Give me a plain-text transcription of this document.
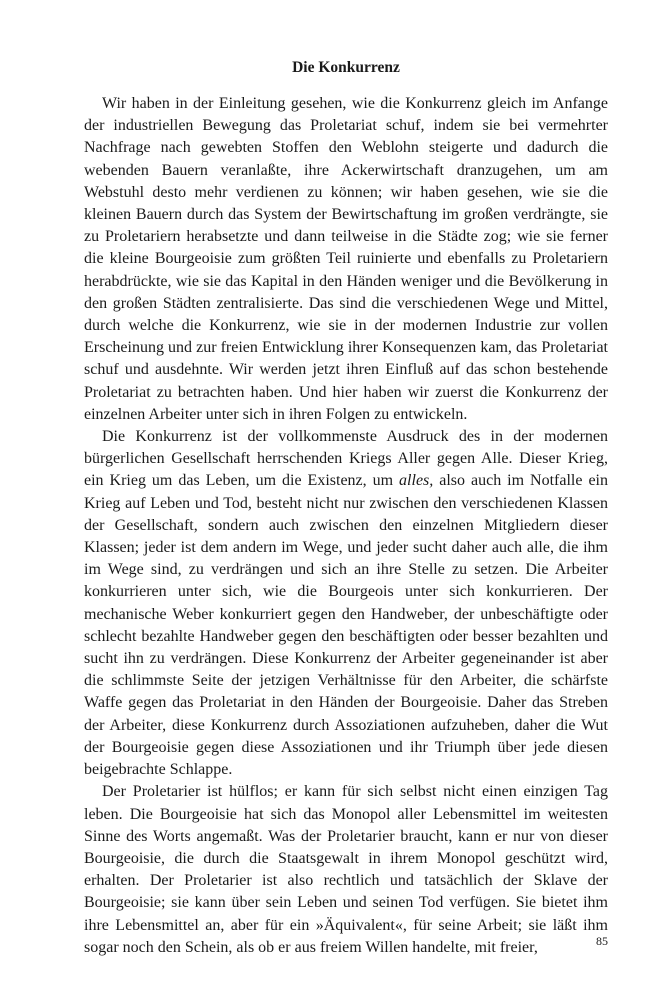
Die Konkurrenz

Wir haben in der Einleitung gesehen, wie die Konkurrenz gleich im Anfange der industriellen Bewegung das Proletariat schuf, indem sie bei vermehrter Nachfrage nach gewebten Stoffen den Weblohn steigerte und dadurch die webenden Bauern veranlaßte, ihre Ackerwirtschaft dranzugehen, um am Webstuhl desto mehr verdienen zu können; wir haben gesehen, wie sie die kleinen Bauern durch das System der Bewirtschaftung im großen verdrängte, sie zu Proletariern herabsetzte und dann teilweise in die Städte zog; wie sie ferner die kleine Bourgeoisie zum größten Teil ruinierte und ebenfalls zu Proletariern herabdrückte, wie sie das Kapital in den Händen weniger und die Bevölkerung in den großen Städten zentralisierte. Das sind die verschiedenen Wege und Mittel, durch welche die Konkurrenz, wie sie in der modernen Industrie zur vollen Erscheinung und zur freien Entwicklung ihrer Konsequenzen kam, das Proletariat schuf und ausdehnte. Wir werden jetzt ihren Einfluß auf das schon bestehende Proletariat zu betrachten haben. Und hier haben wir zuerst die Konkurrenz der einzelnen Arbeiter unter sich in ihren Folgen zu entwickeln.

Die Konkurrenz ist der vollkommenste Ausdruck des in der modernen bürgerlichen Gesellschaft herrschenden Kriegs Aller gegen Alle. Dieser Krieg, ein Krieg um das Leben, um die Existenz, um alles, also auch im Notfalle ein Krieg auf Leben und Tod, besteht nicht nur zwischen den verschiedenen Klassen der Gesellschaft, sondern auch zwischen den einzelnen Mitgliedern dieser Klassen; jeder ist dem andern im Wege, und jeder sucht daher auch alle, die ihm im Wege sind, zu verdrängen und sich an ihre Stelle zu setzen. Die Arbeiter konkurrieren unter sich, wie die Bourgeois unter sich konkurrieren. Der mechanische Weber konkurriert gegen den Handweber, der unbeschäftigte oder schlecht bezahlte Handweber gegen den beschäftigten oder besser bezahlten und sucht ihn zu verdrängen. Diese Konkurrenz der Arbeiter gegeneinander ist aber die schlimmste Seite der jetzigen Verhältnisse für den Arbeiter, die schärfste Waffe gegen das Proletariat in den Händen der Bourgeoisie. Daher das Streben der Arbeiter, diese Konkurrenz durch Assoziationen aufzuheben, daher die Wut der Bourgeoisie gegen diese Assoziationen und ihr Triumph über jede diesen beigebrachte Schlappe.

Der Proletarier ist hülflos; er kann für sich selbst nicht einen einzigen Tag leben. Die Bourgeoisie hat sich das Monopol aller Lebensmittel im weitesten Sinne des Worts angemaßt. Was der Proletarier braucht, kann er nur von dieser Bourgeoisie, die durch die Staatsgewalt in ihrem Monopol geschützt wird, erhalten. Der Proletarier ist also rechtlich und tatsächlich der Sklave der Bourgeoisie; sie kann über sein Leben und seinen Tod verfügen. Sie bietet ihm ihre Lebensmittel an, aber für ein »Äquivalent«, für seine Arbeit; sie läßt ihm sogar noch den Schein, als ob er aus freiem Willen handelte, mit freier,	85
